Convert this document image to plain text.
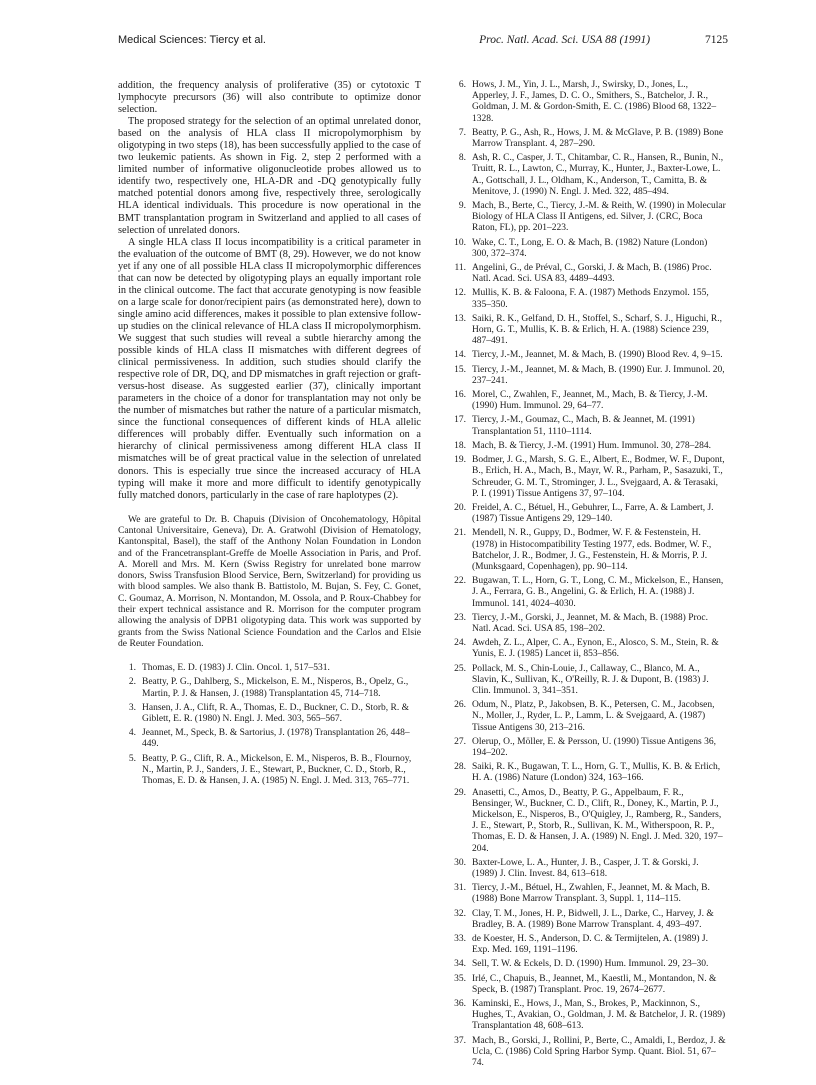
Medical Sciences: Tiercy et al.	Proc. Natl. Acad. Sci. USA 88 (1991)	7125

addition, the frequency analysis of proliferative (35) or cytotoxic T lymphocyte precursors (36) will also contribute to optimize donor selection.

The proposed strategy for the selection of an optimal unrelated donor, based on the analysis of HLA class II micropolymorphism by oligotyping in two steps (18), has been successfully applied to the case of two leukemic patients. As shown in Fig. 2, step 2 performed with a limited number of informative oligonucleotide probes allowed us to identify two, respectively one, HLA-DR and -DQ genotypically fully matched potential donors among five, respectively three, serologically HLA identical individuals. This procedure is now operational in the BMT transplantation program in Switzerland and applied to all cases of selection of unrelated donors.

A single HLA class II locus incompatibility is a critical parameter in the evaluation of the outcome of BMT (8, 29). However, we do not know yet if any one of all possible HLA class II micropolymorphic differences that can now be detected by oligotyping plays an equally important role in the clinical outcome. The fact that accurate genotyping is now feasible on a large scale for donor/recipient pairs (as demonstrated here), down to single amino acid differences, makes it possible to plan extensive follow-up studies on the clinical relevance of HLA class II micropolymorphism. We suggest that such studies will reveal a subtle hierarchy among the possible kinds of HLA class II mismatches with different degrees of clinical permissiveness. In addition, such studies should clarify the respective role of DR, DQ, and DP mismatches in graft rejection or graft-versus-host disease. As suggested earlier (37), clinically important parameters in the choice of a donor for transplantation may not only be the number of mismatches but rather the nature of a particular mismatch, since the functional consequences of different kinds of HLA allelic differences will probably differ. Eventually such information on a hierarchy of clinical permissiveness among different HLA class II mismatches will be of great practical value in the selection of unrelated donors. This is especially true since the increased accuracy of HLA typing will make it more and more difficult to identify genotypically fully matched donors, particularly in the case of rare haplotypes (2).

We are grateful to Dr. B. Chapuis (Division of Oncohematology, Hôpital Cantonal Universitaire, Geneva), Dr. A. Gratwohl (Division of Hematology, Kantonspital, Basel), the staff of the Anthony Nolan Foundation in London and of the Francetransplant-Greffe de Moelle Association in Paris, and Prof. A. Morell and Mrs. M. Kern (Swiss Registry for unrelated bone marrow donors, Swiss Transfusion Blood Service, Bern, Switzerland) for providing us with blood samples. We also thank B. Battistolo, M. Bujan, S. Fey, C. Gonet, C. Goumaz, A. Morrison, N. Montandon, M. Ossola, and P. Roux-Chabbey for their expert technical assistance and R. Morrison for the computer program allowing the analysis of DPB1 oligotyping data. This work was supported by grants from the Swiss National Science Foundation and the Carlos and Elsie de Reuter Foundation.

1. Thomas, E. D. (1983) J. Clin. Oncol. 1, 517–531.
2. Beatty, P. G., Dahlberg, S., Mickelson, E. M., Nisperos, B., Opelz, G., Martin, P. J. & Hansen, J. (1988) Transplantation 45, 714–718.
3. Hansen, J. A., Clift, R. A., Thomas, E. D., Buckner, C. D., Storb, R. & Giblett, E. R. (1980) N. Engl. J. Med. 303, 565–567.
4. Jeannet, M., Speck, B. & Sartorius, J. (1978) Transplantation 26, 448–449.
5. Beatty, P. G., Clift, R. A., Mickelson, E. M., Nisperos, B. B., Flournoy, N., Martin, P. J., Sanders, J. E., Stewart, P., Buckner, C. D., Storb, R., Thomas, E. D. & Hansen, J. A. (1985) N. Engl. J. Med. 313, 765–771.
6. Hows, J. M., Yin, J. L., Marsh, J., Swirsky, D., Jones, L., Apperley, J. F., James, D. C. O., Smithers, S., Batchelor, J. R., Goldman, J. M. & Gordon-Smith, E. C. (1986) Blood 68, 1322–1328.
7. Beatty, P. G., Ash, R., Hows, J. M. & McGlave, P. B. (1989) Bone Marrow Transplant. 4, 287–290.
8. Ash, R. C., Casper, J. T., Chitambar, C. R., Hansen, R., Bunin, N., Truitt, R. L., Lawton, C., Murray, K., Hunter, J., Baxter-Lowe, L. A., Gottschall, J. L., Oldham, K., Anderson, T., Camitta, B. & Menitove, J. (1990) N. Engl. J. Med. 322, 485–494.
9. Mach, B., Berte, C., Tiercy, J.-M. & Reith, W. (1990) in Molecular Biology of HLA Class II Antigens, ed. Silver, J. (CRC, Boca Raton, FL), pp. 201–223.
10. Wake, C. T., Long, E. O. & Mach, B. (1982) Nature (London) 300, 372–374.
11. Angelini, G., de Préval, C., Gorski, J. & Mach, B. (1986) Proc. Natl. Acad. Sci. USA 83, 4489–4493.
12. Mullis, K. B. & Faloona, F. A. (1987) Methods Enzymol. 155, 335–350.
13. Saiki, R. K., Gelfand, D. H., Stoffel, S., Scharf, S. J., Higuchi, R., Horn, G. T., Mullis, K. B. & Erlich, H. A. (1988) Science 239, 487–491.
14. Tiercy, J.-M., Jeannet, M. & Mach, B. (1990) Blood Rev. 4, 9–15.
15. Tiercy, J.-M., Jeannet, M. & Mach, B. (1990) Eur. J. Immunol. 20, 237–241.
16. Morel, C., Zwahlen, F., Jeannet, M., Mach, B. & Tiercy, J.-M. (1990) Hum. Immunol. 29, 64–77.
17. Tiercy, J.-M., Goumaz, C., Mach, B. & Jeannet, M. (1991) Transplantation 51, 1110–1114.
18. Mach, B. & Tiercy, J.-M. (1991) Hum. Immunol. 30, 278–284.
19. Bodmer, J. G., Marsh, S. G. E., Albert, E., Bodmer, W. F., Dupont, B., Erlich, H. A., Mach, B., Mayr, W. R., Parham, P., Sasazuki, T., Schreuder, G. M. T., Strominger, J. L., Svejgaard, A. & Terasaki, P. I. (1991) Tissue Antigens 37, 97–104.
20. Freidel, A. C., Bétuel, H., Gebuhrer, L., Farre, A. & Lambert, J. (1987) Tissue Antigens 29, 129–140.
21. Mendell, N. R., Guppy, D., Bodmer, W. F. & Festenstein, H. (1978) in Histocompatibility Testing 1977, eds. Bodmer, W. F., Batchelor, J. R., Bodmer, J. G., Festenstein, H. & Morris, P. J. (Munksgaard, Copenhagen), pp. 90–114.
22. Bugawan, T. L., Horn, G. T., Long, C. M., Mickelson, E., Hansen, J. A., Ferrara, G. B., Angelini, G. & Erlich, H. A. (1988) J. Immunol. 141, 4024–4030.
23. Tiercy, J.-M., Gorski, J., Jeannet, M. & Mach, B. (1988) Proc. Natl. Acad. Sci. USA 85, 198–202.
24. Awdeh, Z. L., Alper, C. A., Eynon, E., Alosco, S. M., Stein, R. & Yunis, E. J. (1985) Lancet ii, 853–856.
25. Pollack, M. S., Chin-Louie, J., Callaway, C., Blanco, M. A., Slavin, K., Sullivan, K., O'Reilly, R. J. & Dupont, B. (1983) J. Clin. Immunol. 3, 341–351.
26. Odum, N., Platz, P., Jakobsen, B. K., Petersen, C. M., Jacobsen, N., Moller, J., Ryder, L. P., Lamm, L. & Svejgaard, A. (1987) Tissue Antigens 30, 213–216.
27. Olerup, O., Möller, E. & Persson, U. (1990) Tissue Antigens 36, 194–202.
28. Saiki, R. K., Bugawan, T. L., Horn, G. T., Mullis, K. B. & Erlich, H. A. (1986) Nature (London) 324, 163–166.
29. Anasetti, C., Amos, D., Beatty, P. G., Appelbaum, F. R., Bensinger, W., Buckner, C. D., Clift, R., Doney, K., Martin, P. J., Mickelson, E., Nisperos, B., O'Quigley, J., Ramberg, R., Sanders, J. E., Stewart, P., Storb, R., Sullivan, K. M., Witherspoon, R. P., Thomas, E. D. & Hansen, J. A. (1989) N. Engl. J. Med. 320, 197–204.
30. Baxter-Lowe, L. A., Hunter, J. B., Casper, J. T. & Gorski, J. (1989) J. Clin. Invest. 84, 613–618.
31. Tiercy, J.-M., Bétuel, H., Zwahlen, F., Jeannet, M. & Mach, B. (1988) Bone Marrow Transplant. 3, Suppl. 1, 114–115.
32. Clay, T. M., Jones, H. P., Bidwell, J. L., Darke, C., Harvey, J. & Bradley, B. A. (1989) Bone Marrow Transplant. 4, 493–497.
33. de Koester, H. S., Anderson, D. C. & Termijtelen, A. (1989) J. Exp. Med. 169, 1191–1196.
34. Sell, T. W. & Eckels, D. D. (1990) Hum. Immunol. 29, 23–30.
35. Irlé, C., Chapuis, B., Jeannet, M., Kaestli, M., Montandon, N. & Speck, B. (1987) Transplant. Proc. 19, 2674–2677.
36. Kaminski, E., Hows, J., Man, S., Brokes, P., Mackinnon, S., Hughes, T., Avakian, O., Goldman, J. M. & Batchelor, J. R. (1989) Transplantation 48, 608–613.
37. Mach, B., Gorski, J., Rollini, P., Berte, C., Amaldi, I., Berdoz, J. & Ucla, C. (1986) Cold Spring Harbor Symp. Quant. Biol. 51, 67–74.
